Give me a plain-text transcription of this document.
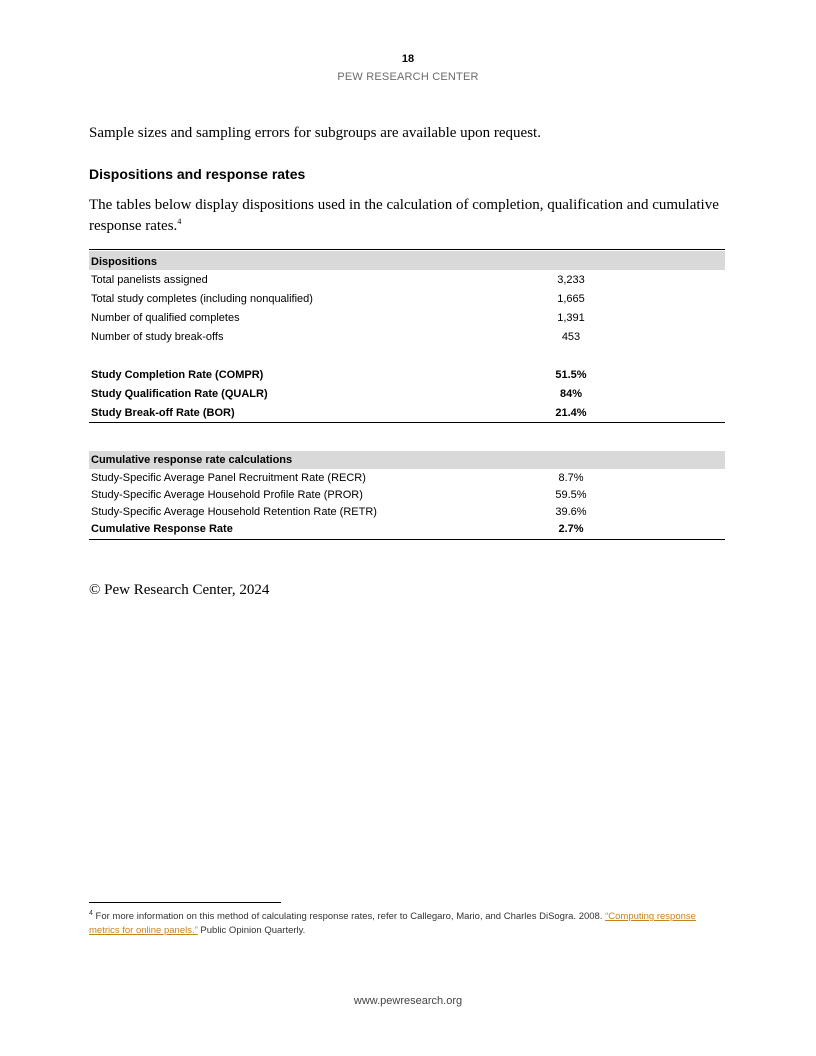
18
PEW RESEARCH CENTER
Sample sizes and sampling errors for subgroups are available upon request.
Dispositions and response rates
The tables below display dispositions used in the calculation of completion, qualification and cumulative response rates.$^4$
Dispositions
Total panelists assigned	3,233
Total study completes (including nonqualified)	1,665
Number of qualified completes	1,391
Number of study break-offs	453
Study Completion Rate (COMPR)	51.5%
Study Qualification Rate (QUALR)	84%
Study Break-off Rate (BOR)	21.4%
Cumulative response rate calculations
Study-Specific Average Panel Recruitment Rate (RECR)	8.7%
Study-Specific Average Household Profile Rate (PROR)	59.5%
Study-Specific Average Household Retention Rate (RETR)	39.6%
Cumulative Response Rate	2.7%
© Pew Research Center, 2024
$^4$ For more information on this method of calculating response rates, refer to Callegaro, Mario, and Charles DiSogra. 2008. “Computing response metrics for online panels.” Public Opinion Quarterly.
www.pewresearch.org
